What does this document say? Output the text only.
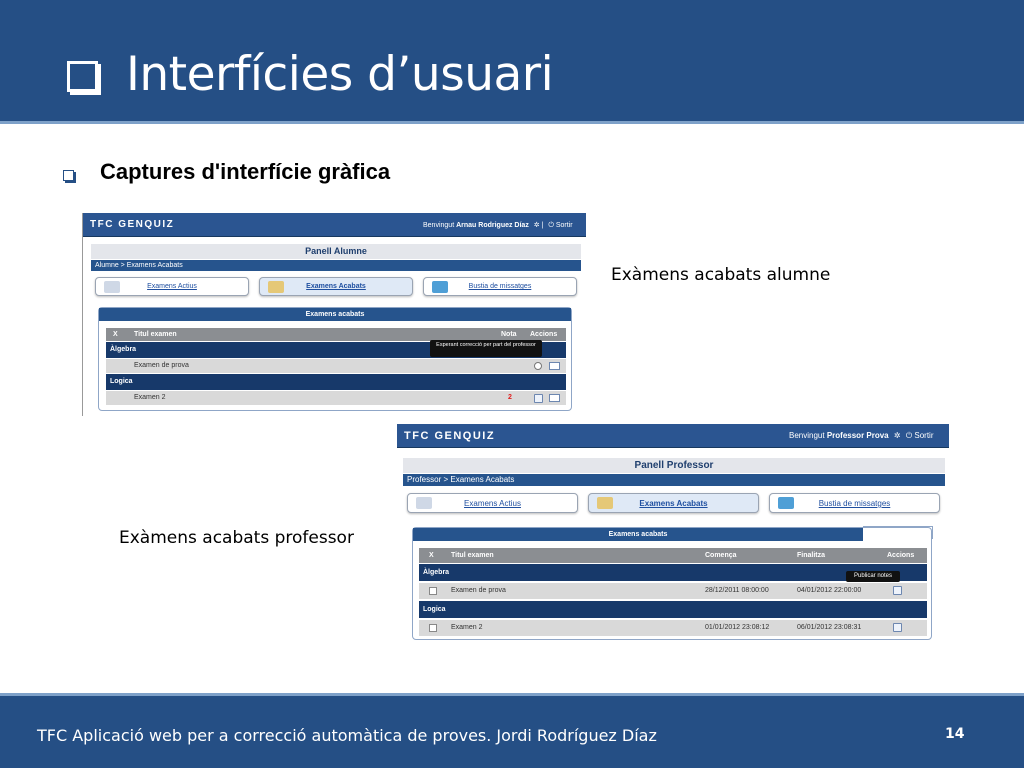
Interfícies d’usuari
Captures d'interfície gràfica
TFC GENQUIZ	Benvingut Arnau Rodriguez Díaz ✲ | ⏻ Sortir
Panell Alumne
Alumne > Examens Acabats
Examens Actius	Examens Acabats	Bustia de missatges
Examens acabats
X Titul examen	Nota Accions
Àlgebra
Examen de prova
Logica
Examen 2	2
Esperant correcció per part del professor
Exàmens acabats alumne
Exàmens acabats professor
TFC GENQUIZ	Benvingut Professor Prova ✲ ⏻ Sortir
Panell Professor
Professor > Examens Acabats
Examens Actius	Examens Acabats	Bustia de missatges
Examens acabats
X Titul examen	Comença	Finalitza	Accions
Àlgebra
Examen de prova	28/12/2011 08:00:00	04/01/2012 22:00:00
Logica
Examen 2	01/01/2012 23:08:12	06/01/2012 23:08:31
Publicar notes
TFC Aplicació web per a correcció automàtica de proves. Jordi Rodríguez Díaz	14
